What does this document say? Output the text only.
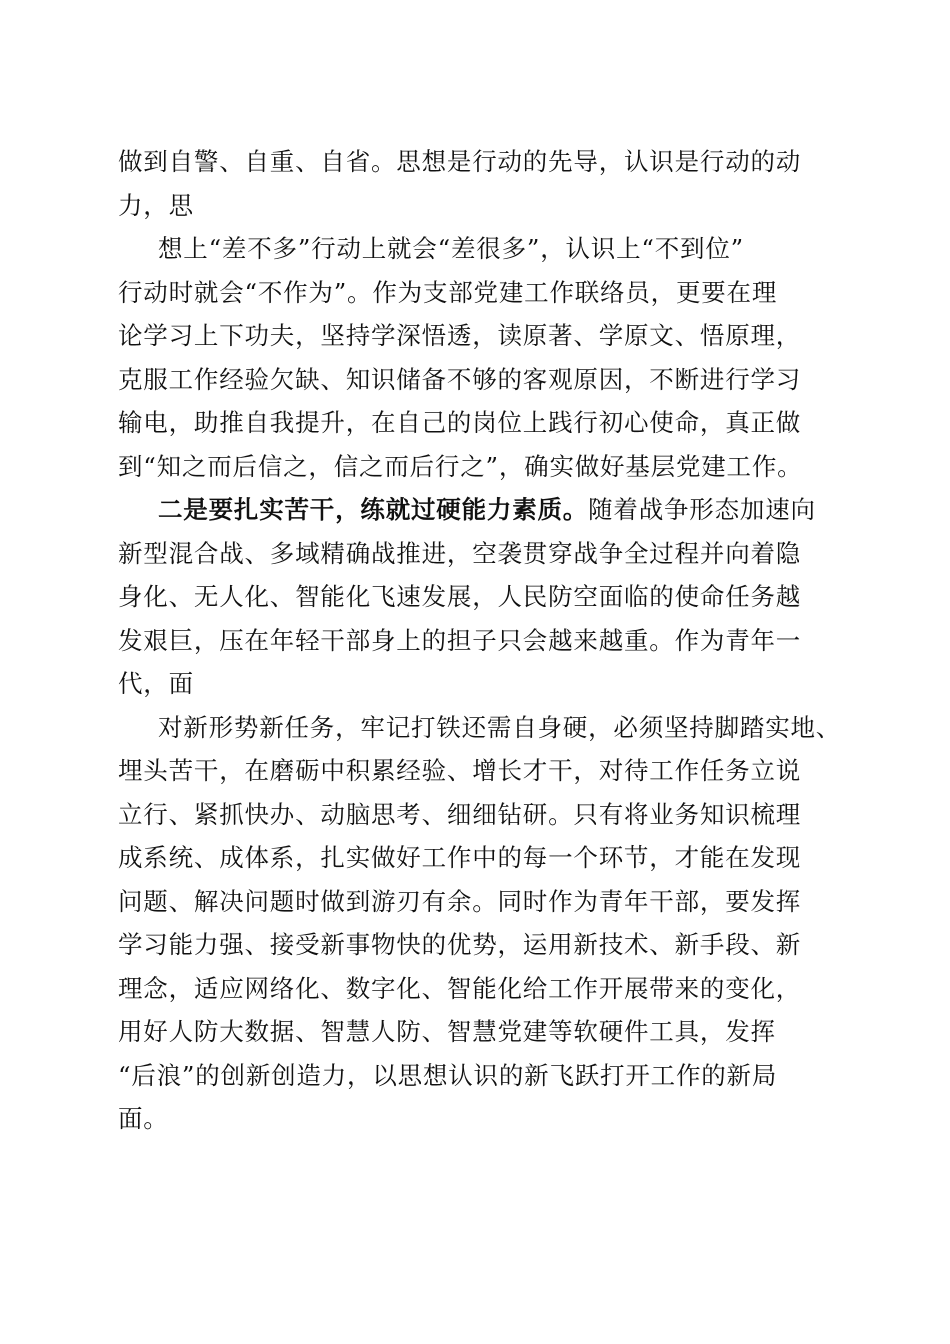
做到自警、自重、自省。思想是行动的先导，认识是行动的动
力，思
想上“差不多”行动上就会“差很多”，认识上“不到位”
行动时就会“不作为”。作为支部党建工作联络员，更要在理
论学习上下功夫，坚持学深悟透，读原著、学原文、悟原理，
克服工作经验欠缺、知识储备不够的客观原因，不断进行学习
输电，助推自我提升，在自己的岗位上践行初心使命，真正做
到“知之而后信之，信之而后行之”，确实做好基层党建工作。
二是要扎实苦干，练就过硬能力素质。随着战争形态加速向
新型混合战、多域精确战推进，空袭贯穿战争全过程并向着隐
身化、无人化、智能化飞速发展，人民防空面临的使命任务越
发艰巨，压在年轻干部身上的担子只会越来越重。作为青年一
代，面
对新形势新任务，牢记打铁还需自身硬，必须坚持脚踏实地、
埋头苦干，在磨砺中积累经验、增长才干，对待工作任务立说
立行、紧抓快办、动脑思考、细细钻研。只有将业务知识梳理
成系统、成体系，扎实做好工作中的每一个环节，才能在发现
问题、解决问题时做到游刃有余。同时作为青年干部，要发挥
学习能力强、接受新事物快的优势，运用新技术、新手段、新
理念，适应网络化、数字化、智能化给工作开展带来的变化，
用好人防大数据、智慧人防、智慧党建等软硬件工具，发挥
“后浪”的创新创造力，以思想认识的新飞跃打开工作的新局
面。
